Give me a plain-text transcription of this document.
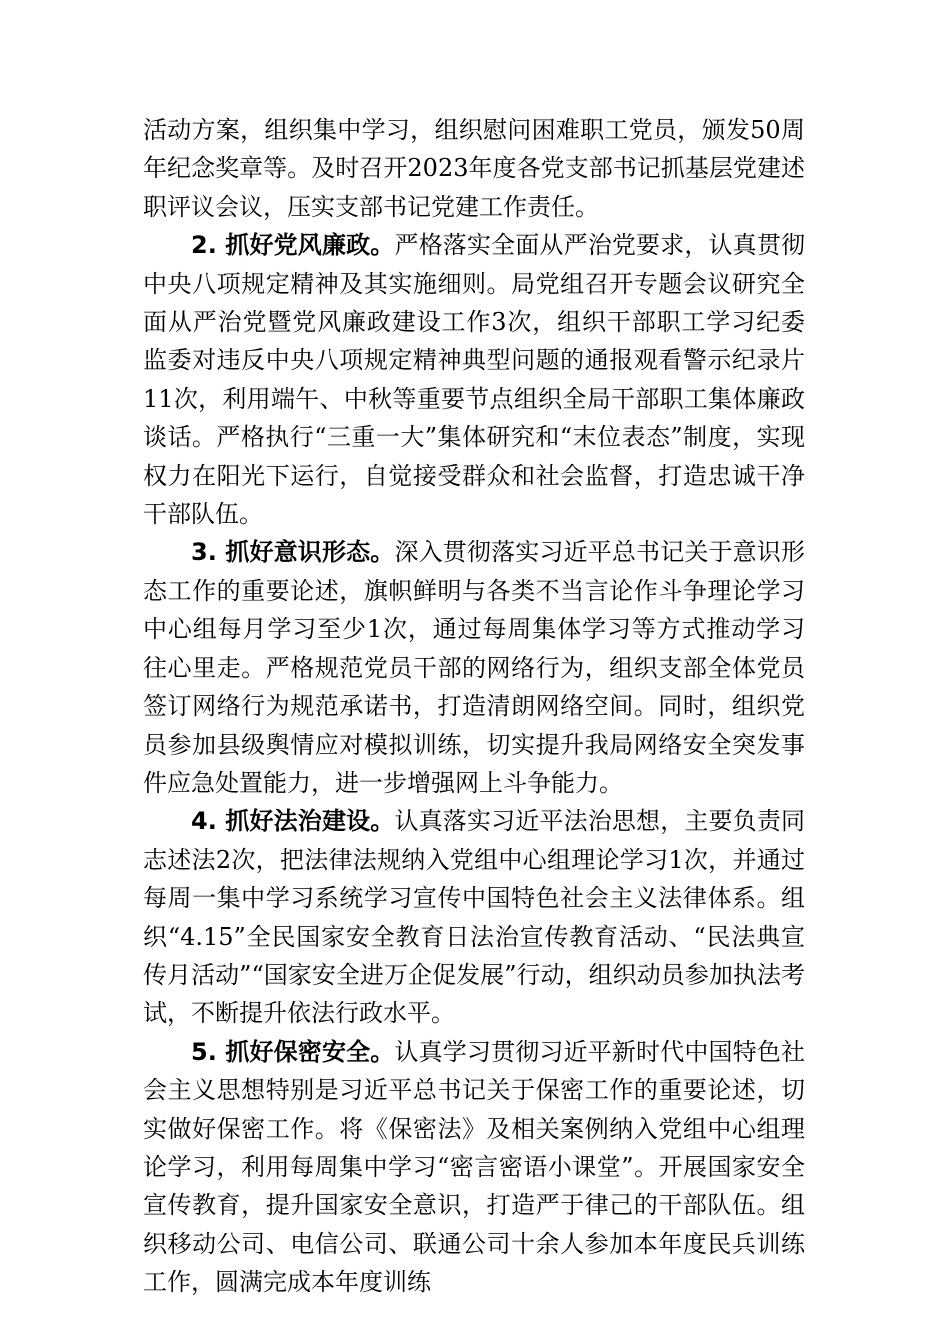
活动方案，组织集中学习，组织慰问困难职工党员，颁发50周年纪念奖章等。及时召开2023年度各党支部书记抓基层党建述职评议会议，压实支部书记党建工作责任。

2. 抓好党风廉政。严格落实全面从严治党要求，认真贯彻中央八项规定精神及其实施细则。局党组召开专题会议研究全面从严治党暨党风廉政建设工作3次，组织干部职工学习纪委监委对违反中央八项规定精神典型问题的通报观看警示纪录片11次，利用端午、中秋等重要节点组织全局干部职工集体廉政谈话。严格执行“三重一大”集体研究和“末位表态”制度，实现权力在阳光下运行，自觉接受群众和社会监督，打造忠诚干净干部队伍。

3. 抓好意识形态。深入贯彻落实习近平总书记关于意识形态工作的重要论述，旗帜鲜明与各类不当言论作斗争理论学习中心组每月学习至少1次，通过每周集体学习等方式推动学习往心里走。严格规范党员干部的网络行为，组织支部全体党员签订网络行为规范承诺书，打造清朗网络空间。同时，组织党员参加县级舆情应对模拟训练，切实提升我局网络安全突发事件应急处置能力，进一步增强网上斗争能力。

4. 抓好法治建设。认真落实习近平法治思想，主要负责同志述法2次，把法律法规纳入党组中心组理论学习1次，并通过每周一集中学习系统学习宣传中国特色社会主义法律体系。组织“4.15”全民国家安全教育日法治宣传教育活动、“民法典宣传月活动”“国家安全进万企促发展”行动，组织动员参加执法考试，不断提升依法行政水平。

5. 抓好保密安全。认真学习贯彻习近平新时代中国特色社会主义思想特别是习近平总书记关于保密工作的重要论述，切实做好保密工作。将《保密法》及相关案例纳入党组中心组理论学习，利用每周集中学习“密言密语小课堂”。开展国家安全宣传教育，提升国家安全意识，打造严于律己的干部队伍。组织移动公司、电信公司、联通公司十余人参加本年度民兵训练工作，圆满完成本年度训练
